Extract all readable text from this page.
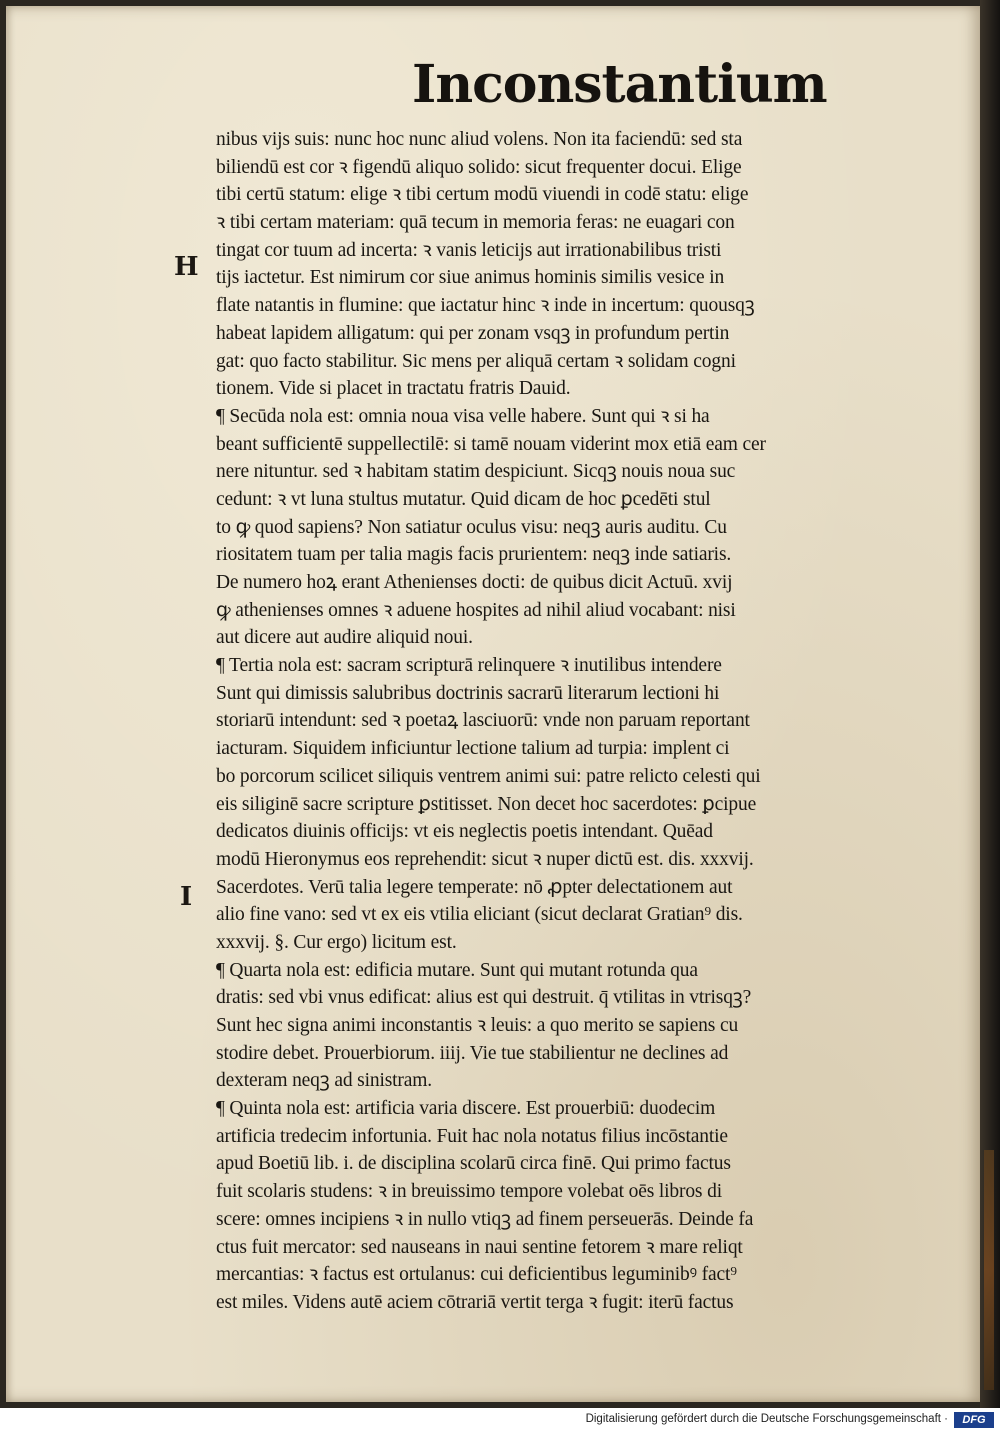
Inconstantium
H
I
nibus vijs suis: nunc hoc nunc aliud volens. Non ita faciendū: sed sta
biliendū est cor ꝛ figendū aliquo solido: sicut frequenter docui. Elige
tibi certū statum: elige ꝛ tibi certum modū viuendi in codē statu: elige
ꝛ tibi certam materiam: quā tecum in memoria feras: ne euagari con
tingat cor tuum ad incerta: ꝛ vanis leticijs aut irrationabilibus tristi
tijs iactetur. Est nimirum cor siue animus hominis similis vesice in
flate natantis in flumine: que iactatur hinc ꝛ inde in incertum: quousqꝫ
habeat lapidem alligatum: qui per zonam vsqꝫ in profundum pertin
gat: quo facto stabilitur. Sic mens per aliquā certam ꝛ solidam cogni
tionem. Vide si placet in tractatu fratris Dauid.
¶ Secūda nola est: omnia noua visa velle habere. Sunt qui ꝛ si ha
beant sufficientē suppellectilē: si tamē nouam viderint mox etiā eam cer
nere nituntur. sed ꝛ habitam statim despiciunt. Sicqꝫ nouis noua suc
cedunt: ꝛ vt luna stultus mutatur. Quid dicam de hoc ꝑcedēti stul
to ꝙ quod sapiens? Non satiatur oculus visu: neqꝫ auris auditu. Cu
riositatem tuam per talia magis facis prurientem: neqꝫ inde satiaris.
De numero hoꝝ erant Athenienses docti: de quibus dicit Actuū. xvij
ꝙ athenienses omnes ꝛ aduene hospites ad nihil aliud vocabant: nisi
aut dicere aut audire aliquid noui.
¶ Tertia nola est: sacram scripturā relinquere ꝛ inutilibus intendere
Sunt qui dimissis salubribus doctrinis sacrarū literarum lectioni hi
storiarū intendunt: sed ꝛ poetaꝝ lasciuorū: vnde non paruam reportant
iacturam. Siquidem inficiuntur lectione talium ad turpia: implent ci
bo porcorum scilicet siliquis ventrem animi sui: patre relicto celesti qui
eis siliginē sacre scripture ꝑstitisset. Non decet hoc sacerdotes: ꝑcipue
dedicatos diuinis officijs: vt eis neglectis poetis intendant. Quēad
modū Hieronymus eos reprehendit: sicut ꝛ nuper dictū est. dis. xxxvij.
Sacerdotes. Verū talia legere temperate: nō ꝓpter delectationem aut
alio fine vano: sed vt ex eis vtilia eliciant (sicut declarat Gratian⁹ dis.
xxxvij. §. Cur ergo) licitum est.
¶ Quarta nola est: edificia mutare. Sunt qui mutant rotunda qua
dratis: sed vbi vnus edificat: alius est qui destruit. q̄ vtilitas in vtrisqꝫ?
Sunt hec signa animi inconstantis ꝛ leuis: a quo merito se sapiens cu
stodire debet. Prouerbiorum. iiij. Vie tue stabilientur ne declines ad
dexteram neqꝫ ad sinistram.
¶ Quinta nola est: artificia varia discere. Est prouerbiū: duodecim
artificia tredecim infortunia. Fuit hac nola notatus filius incōstantie
apud Boetiū lib. i. de disciplina scolarū circa finē. Qui primo factus
fuit scolaris studens: ꝛ in breuissimo tempore volebat oēs libros di
scere: omnes incipiens ꝛ in nullo vtiqꝫ ad finem perseuerās. Deinde fa
ctus fuit mercator: sed nauseans in naui sentine fetorem ꝛ mare reliqt
mercantias: ꝛ factus est ortulanus: cui deficientibus leguminibꝰ fact⁹
est miles. Videns autē aciem cōtrariā vertit terga ꝛ fugit: iterū factus
Digitalisierung gefördert durch die Deutsche Forschungsgemeinschaft ·	DFG
